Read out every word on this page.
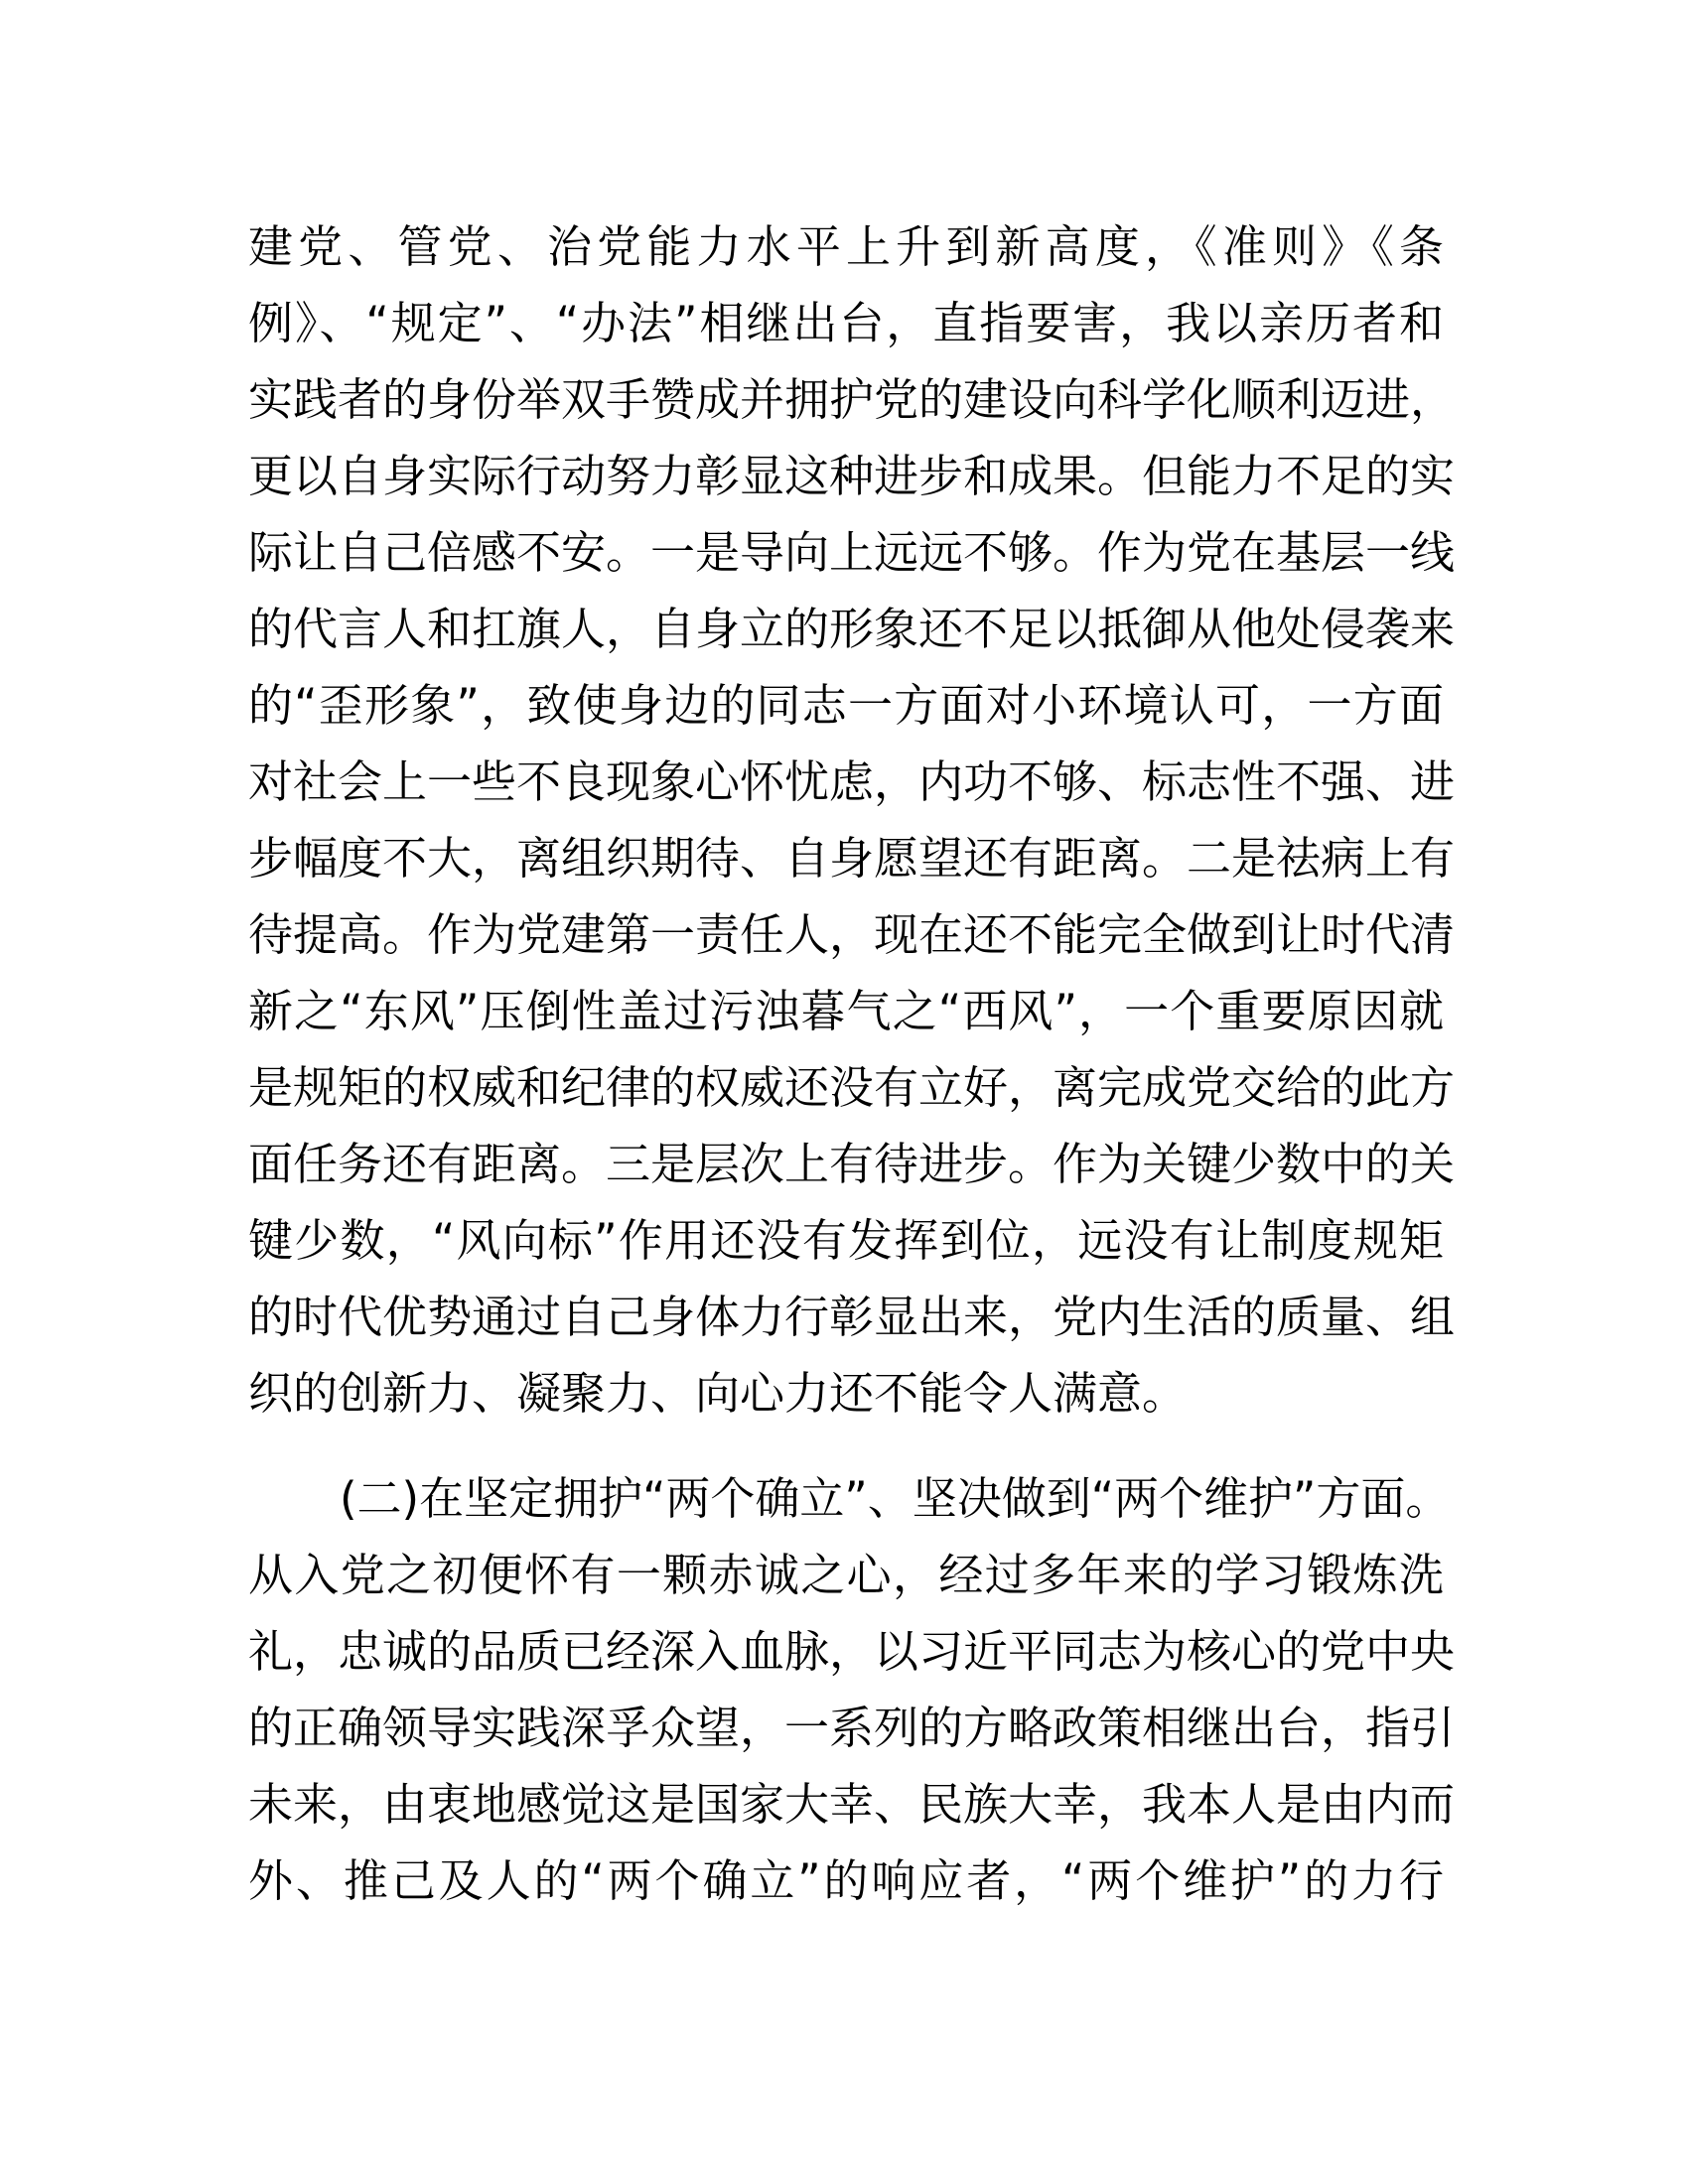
建党、管党、治党能力水平上升到新高度，《准则》《条
例》、“规定”、“办法”相继出台，直指要害，我以亲历者和
实践者的身份举双手赞成并拥护党的建设向科学化顺利迈进，
更以自身实际行动努力彰显这种进步和成果。但能力不足的实
际让自己倍感不安。一是导向上远远不够。作为党在基层一线
的代言人和扛旗人，自身立的形象还不足以抵御从他处侵袭来
的“歪形象”，致使身边的同志一方面对小环境认可，一方面
对社会上一些不良现象心怀忧虑，内功不够、标志性不强、进
步幅度不大，离组织期待、自身愿望还有距离。二是祛病上有
待提高。作为党建第一责任人，现在还不能完全做到让时代清
新之“东风”压倒性盖过污浊暮气之“西风”，一个重要原因就
是规矩的权威和纪律的权威还没有立好，离完成党交给的此方
面任务还有距离。三是层次上有待进步。作为关键少数中的关
键少数，“风向标”作用还没有发挥到位，远没有让制度规矩
的时代优势通过自己身体力行彰显出来，党内生活的质量、组
织的创新力、凝聚力、向心力还不能令人满意。
(二)在坚定拥护“两个确立”、坚决做到“两个维护”方面。
从入党之初便怀有一颗赤诚之心，经过多年来的学习锻炼洗
礼，忠诚的品质已经深入血脉，以习近平同志为核心的党中央
的正确领导实践深孚众望，一系列的方略政策相继出台，指引
未来，由衷地感觉这是国家大幸、民族大幸，我本人是由内而
外、推己及人的“两个确立”的响应者，“两个维护”的力行
